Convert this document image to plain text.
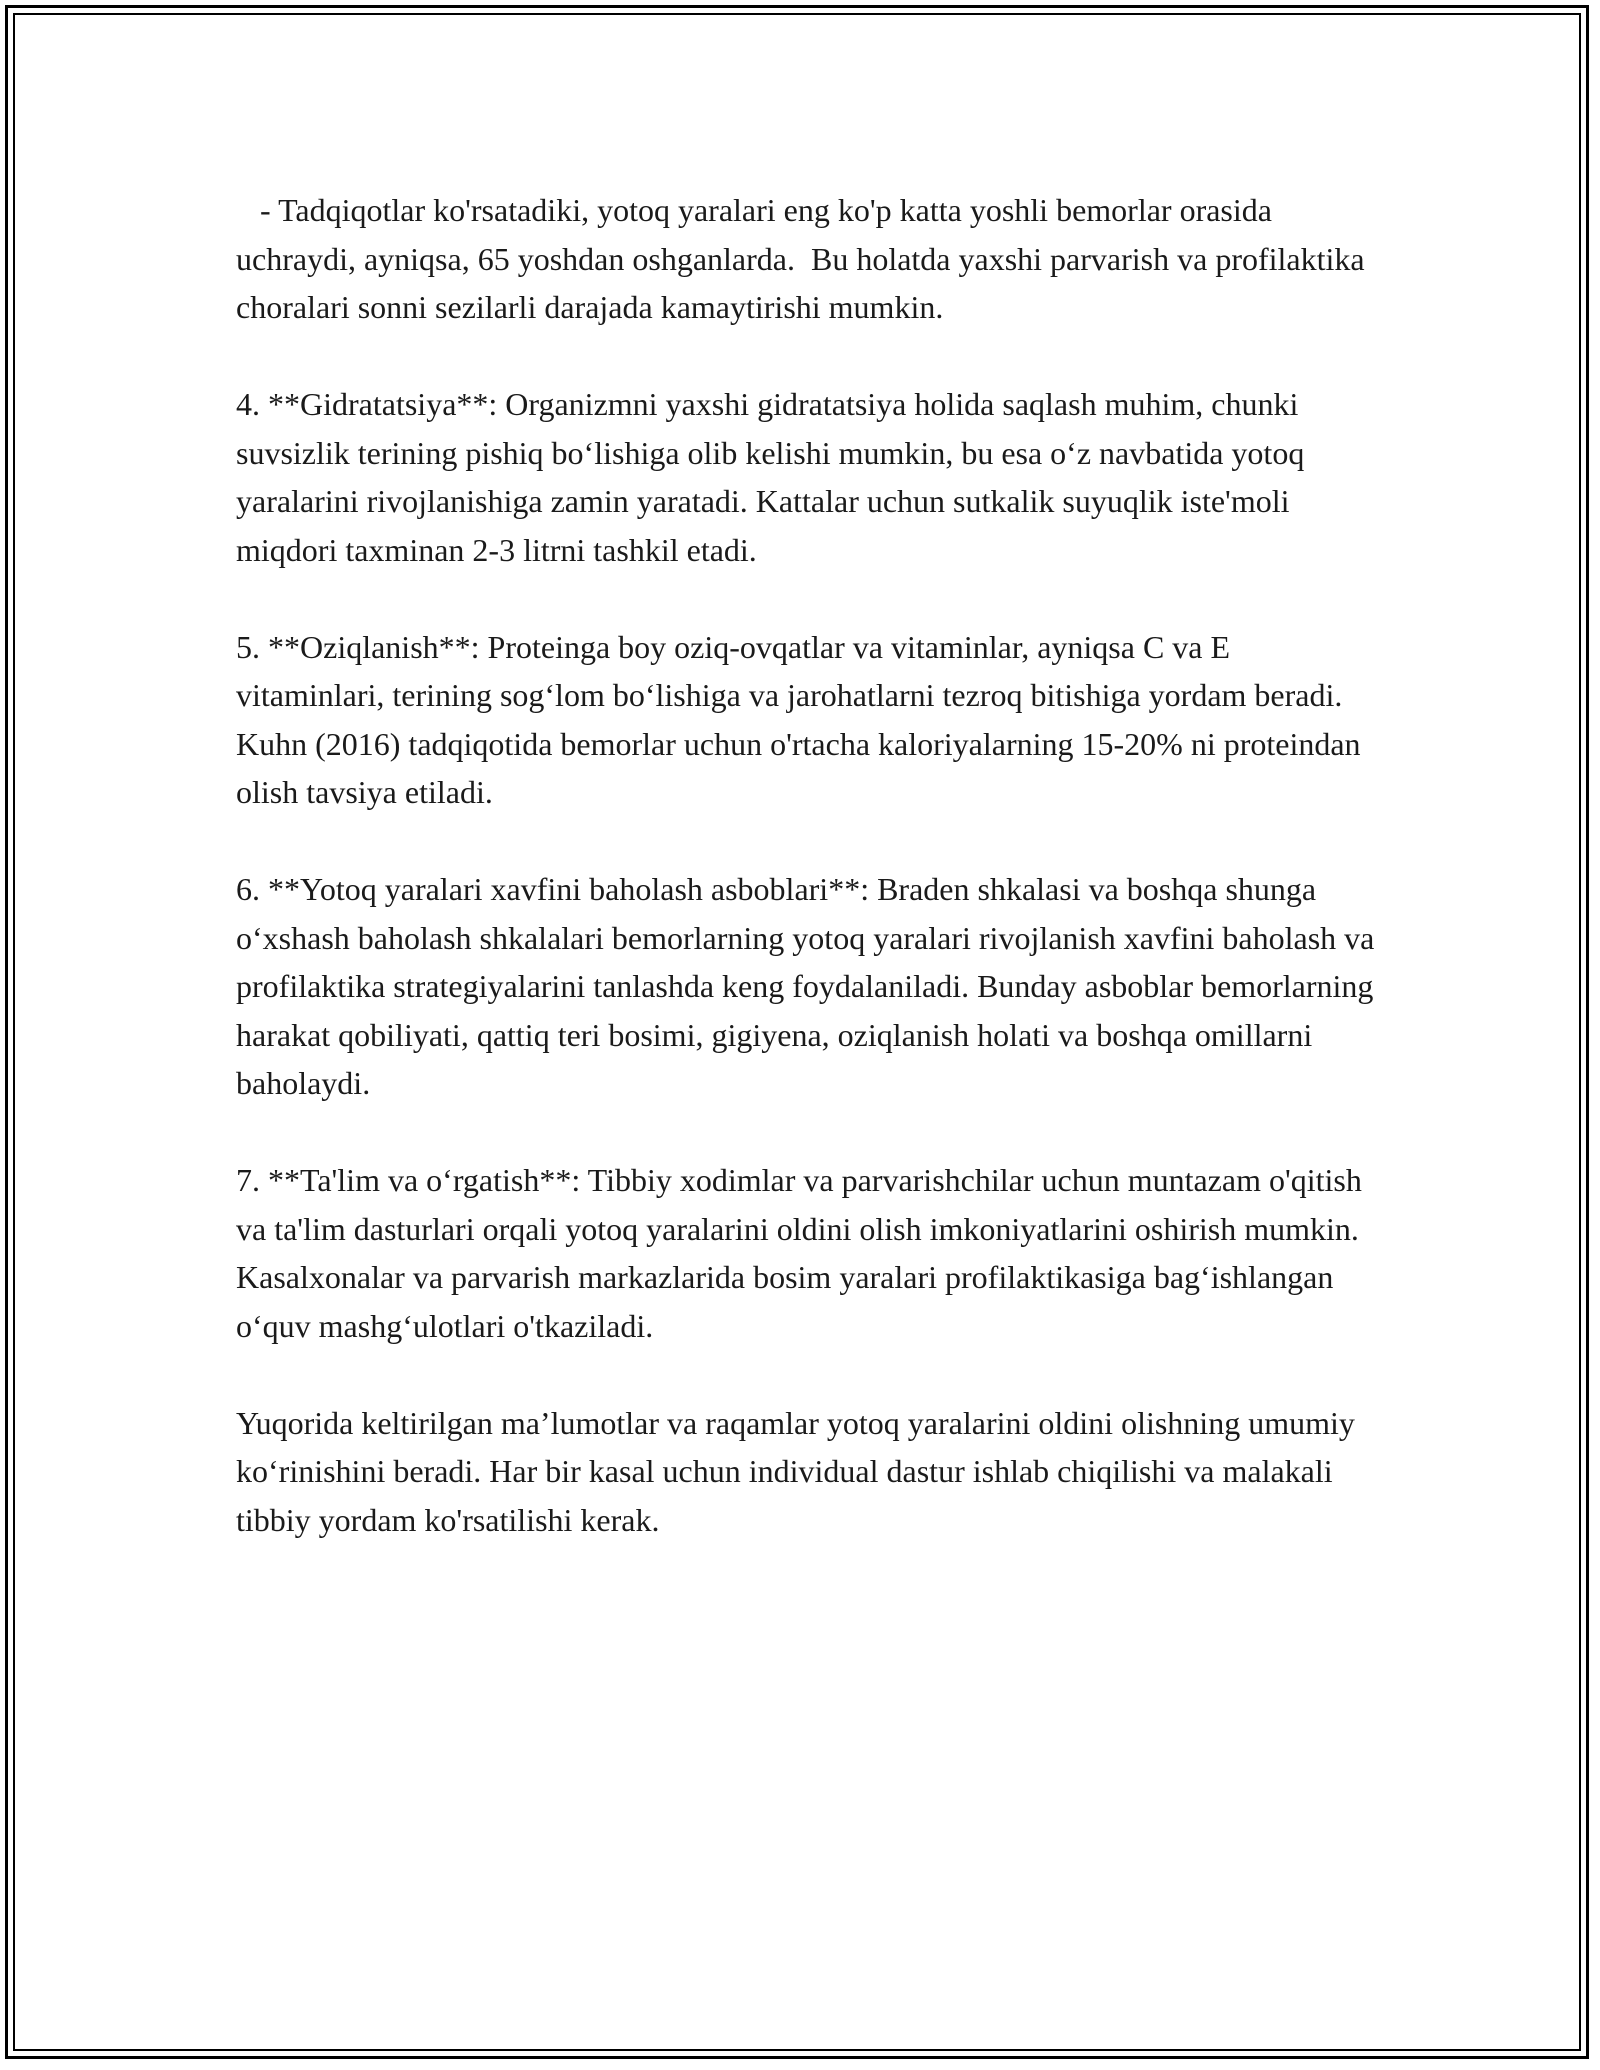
- Tadqiqotlar ko'rsatadiki, yotoq yaralari eng ko'p katta yoshli bemorlar orasida uchraydi, ayniqsa, 65 yoshdan oshganlarda.  Bu holatda yaxshi parvarish va profilaktika choralari sonni sezilarli darajada kamaytirishi mumkin.

4. **Gidratatsiya**: Organizmni yaxshi gidratatsiya holida saqlash muhim, chunki suvsizlik terining pishiq bo‘lishiga olib kelishi mumkin, bu esa o‘z navbatida yotoq yaralarini rivojlanishiga zamin yaratadi. Kattalar uchun sutkalik suyuqlik iste'moli miqdori taxminan 2-3 litrni tashkil etadi.

5. **Oziqlanish**: Proteinga boy oziq-ovqatlar va vitaminlar, ayniqsa C va E vitaminlari, terining sog‘lom bo‘lishiga va jarohatlarni tezroq bitishiga yordam beradi. Kuhn (2016) tadqiqotida bemorlar uchun o'rtacha kaloriyalarning 15-20% ni proteindan olish tavsiya etiladi.

6. **Yotoq yaralari xavfini baholash asboblari**: Braden shkalasi va boshqa shunga o‘xshash baholash shkalalari bemorlarning yotoq yaralari rivojlanish xavfini baholash va profilaktika strategiyalarini tanlashda keng foydalaniladi. Bunday asboblar bemorlarning harakat qobiliyati, qattiq teri bosimi, gigiyena, oziqlanish holati va boshqa omillarni baholaydi.

7. **Ta'lim va o‘rgatish**: Tibbiy xodimlar va parvarishchilar uchun muntazam o'qitish va ta'lim dasturlari orqali yotoq yaralarini oldini olish imkoniyatlarini oshirish mumkin. Kasalxonalar va parvarish markazlarida bosim yaralari profilaktikasiga bag‘ishlangan o‘quv mashg‘ulotlari o'tkaziladi.

Yuqorida keltirilgan ma’lumotlar va raqamlar yotoq yaralarini oldini olishning umumiy ko‘rinishini beradi. Har bir kasal uchun individual dastur ishlab chiqilishi va malakali tibbiy yordam ko'rsatilishi kerak.
